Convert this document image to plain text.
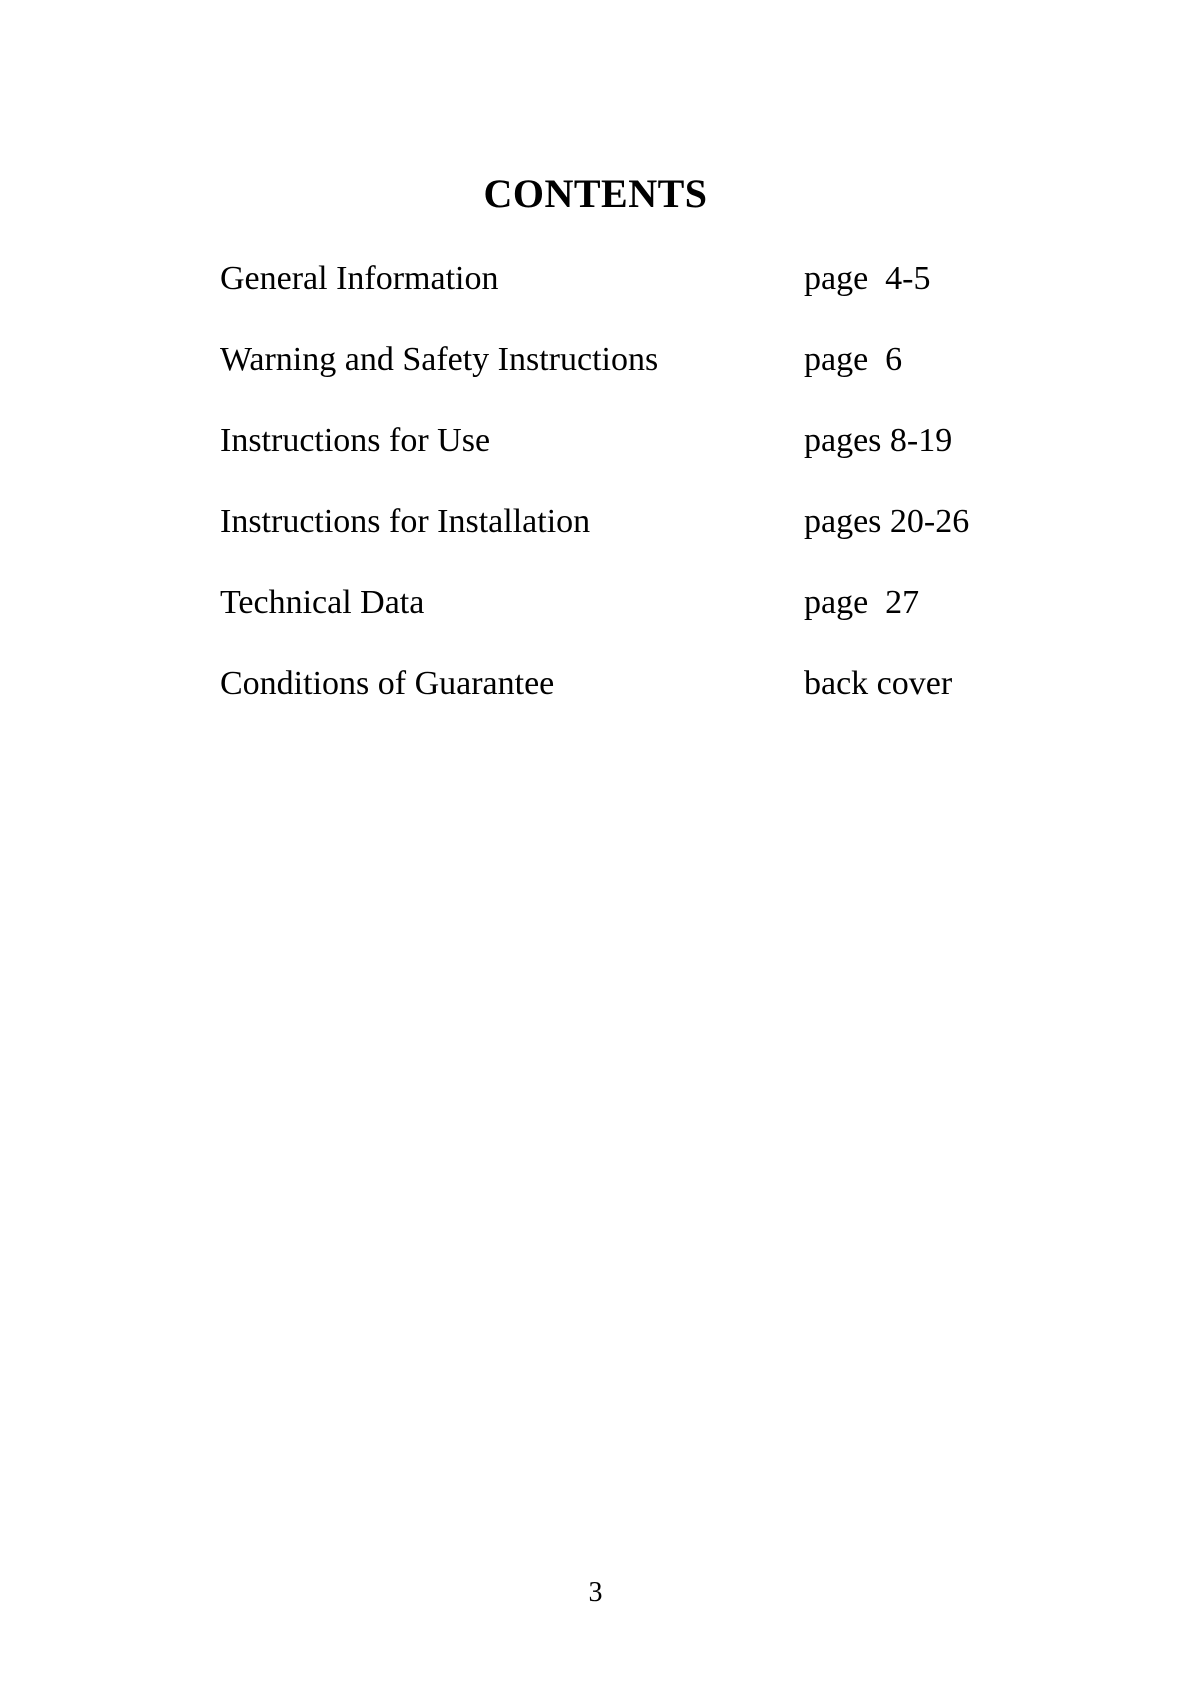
CONTENTS
General Information	page  4-5
Warning and Safety Instructions	page  6
Instructions for Use	pages 8-19
Instructions for Installation	pages 20-26
Technical Data	page  27
Conditions of Guarantee	back cover
3
